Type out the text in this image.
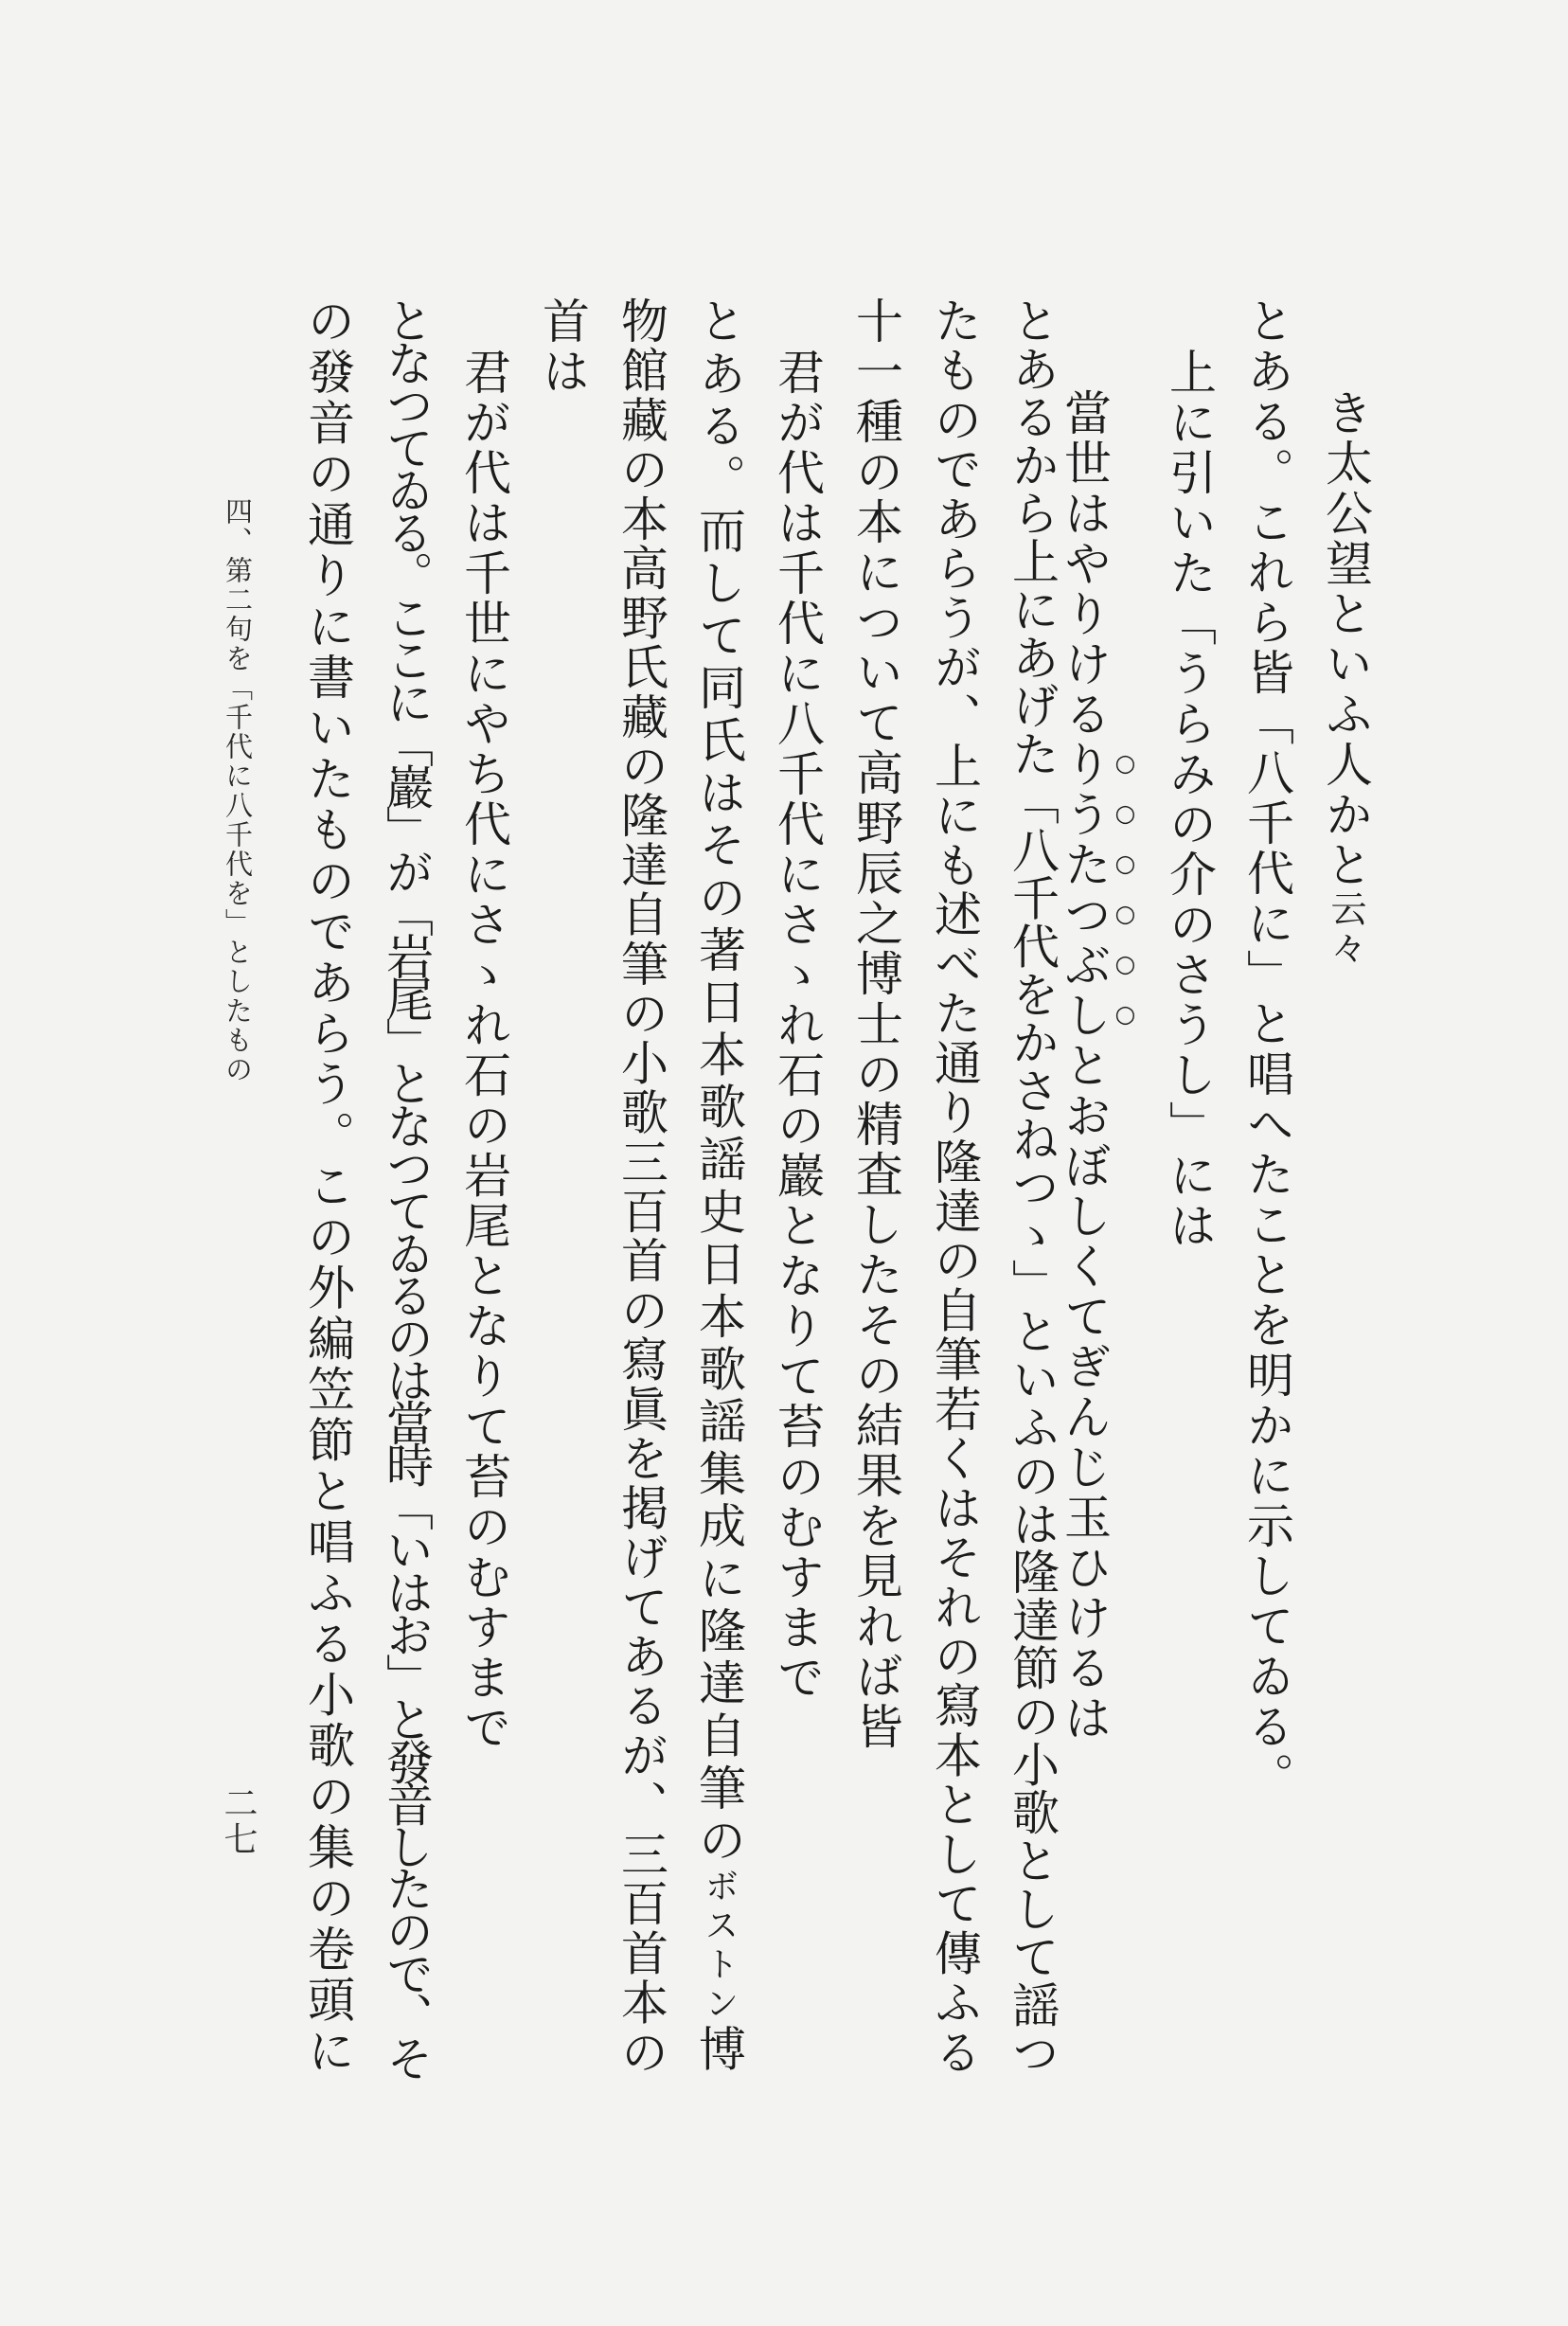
き太公望といふ人かと云々
とある。これら皆「八千代に」と唱へたことを明かに示してゐる。
上に引いた「うらみの介のさうし」には
當世はやりけるりうたつぶしとおぼしくてぎんじ玉ひけるは
とあるから上にあげた「八千代をかさねつゝ」といふのは隆達節の小歌として謡つ
たものであらうが、上にも述べた通り隆達の自筆若くはそれの寫本として傳ふる
十一種の本について高野辰之博士の精査したその結果を見れば皆
君が代は千代に八千代にさゝれ石の巖となりて苔のむすまで
とある。而して同氏はその著日本歌謡史日本歌謡集成に隆達自筆のボストン博
物館藏の本高野氏藏の隆達自筆の小歌三百首の寫眞を掲げてあるが、三百首本の
首は
君が代は千世にやち代にさゝれ石の岩尾となりて苔のむすまで
となつてゐる。ここに「巖」が「岩尾」となつてゐるのは當時「いはお」と發音したので、そ
の發音の通りに書いたものであらう。この外編笠節と唱ふる小歌の集の卷頭に
四、第二句を「千代に八千代を」としたもの
二七
